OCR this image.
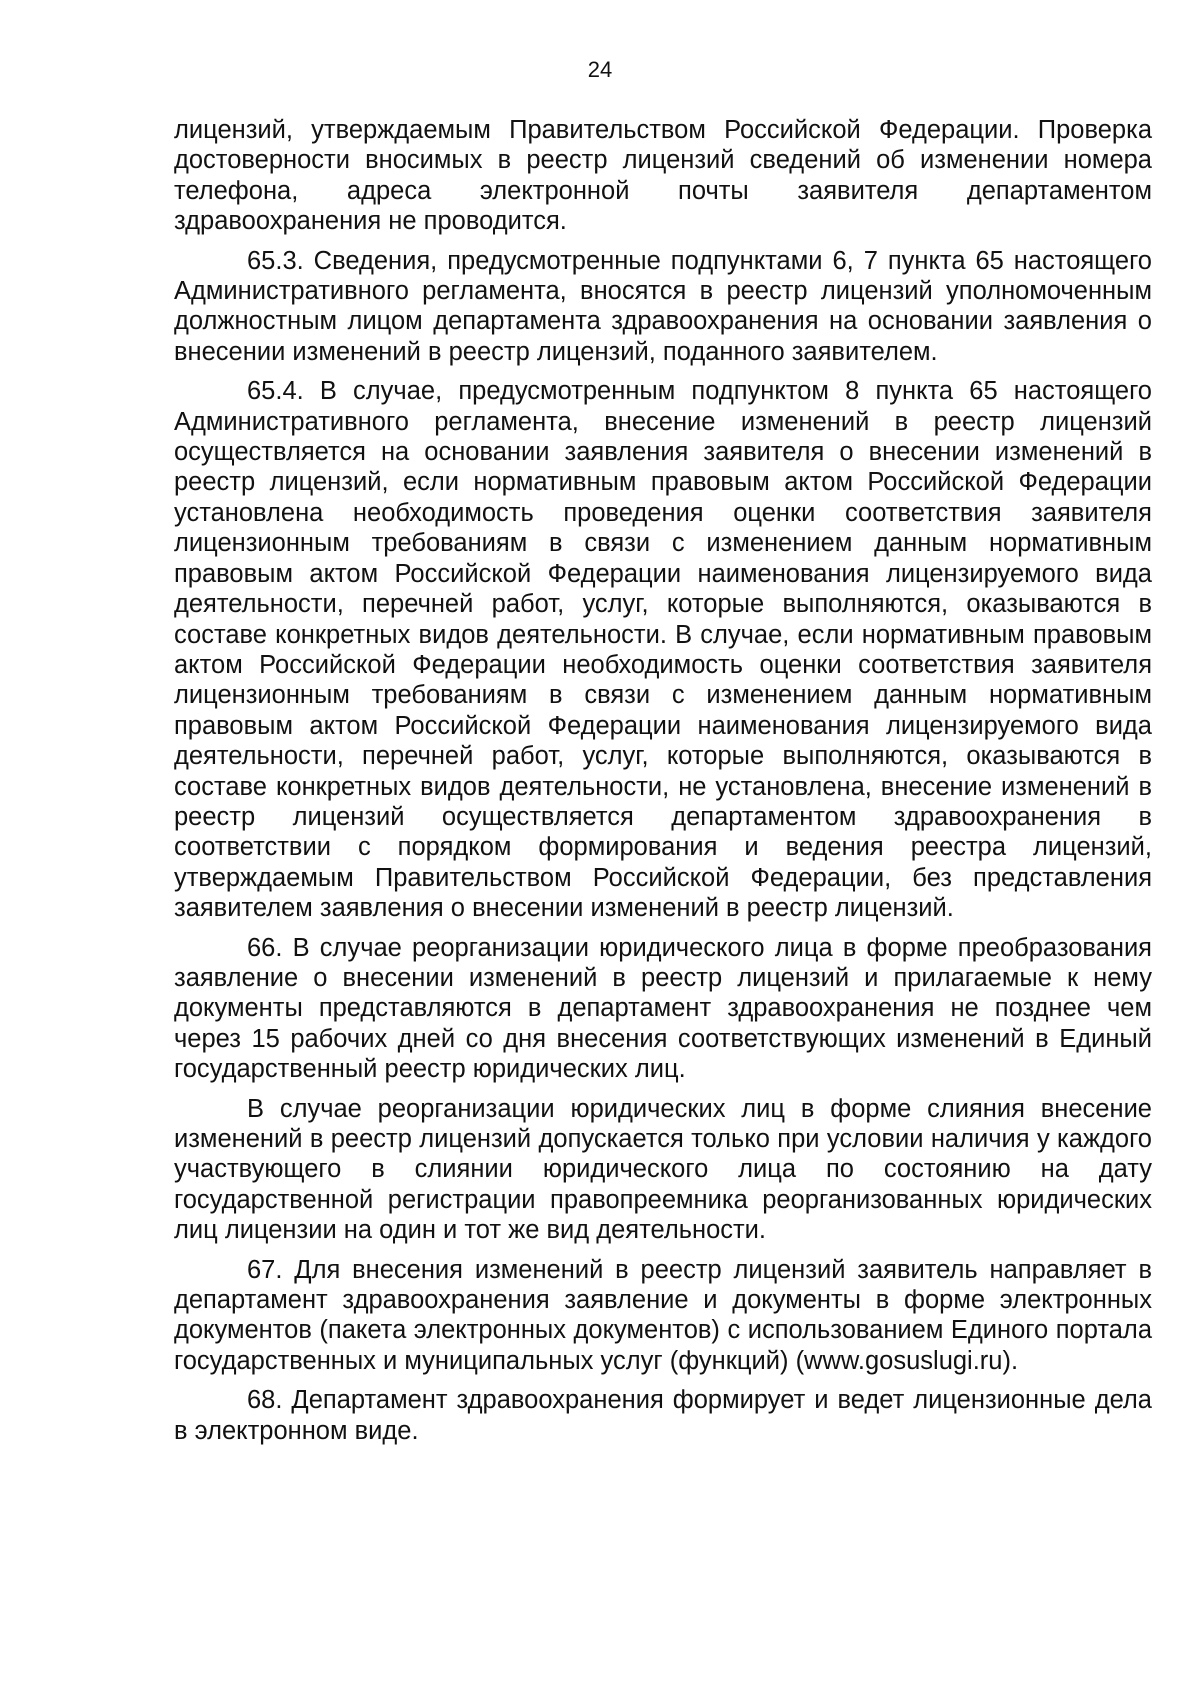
24

лицензий, утверждаемым Правительством Российской Федерации. Проверка достоверности вносимых в реестр лицензий сведений об изменении номера телефона, адреса электронной почты заявителя департаментом здравоохранения не проводится.

65.3. Сведения, предусмотренные подпунктами 6, 7 пункта 65 настоящего Административного регламента, вносятся в реестр лицензий уполномоченным должностным лицом департамента здравоохранения на основании заявления о внесении изменений в реестр лицензий, поданного заявителем.

65.4. В случае, предусмотренным подпунктом 8 пункта 65 настоящего Административного регламента, внесение изменений в реестр лицензий осуществляется на основании заявления заявителя о внесении изменений в реестр лицензий, если нормативным правовым актом Российской Федерации установлена необходимость проведения оценки соответствия заявителя лицензионным требованиям в связи с изменением данным нормативным правовым актом Российской Федерации наименования лицензируемого вида деятельности, перечней работ, услуг, которые выполняются, оказываются в составе конкретных видов деятельности. В случае, если нормативным правовым актом Российской Федерации необходимость оценки соответствия заявителя лицензионным требованиям в связи с изменением данным нормативным правовым актом Российской Федерации наименования лицензируемого вида деятельности, перечней работ, услуг, которые выполняются, оказываются в составе конкретных видов деятельности, не установлена, внесение изменений в реестр лицензий осуществляется департаментом здравоохранения в соответствии с порядком формирования и ведения реестра лицензий, утверждаемым Правительством Российской Федерации, без представления заявителем заявления о внесении изменений в реестр лицензий.

66. В случае реорганизации юридического лица в форме преобразования заявление о внесении изменений в реестр лицензий и прилагаемые к нему документы представляются в департамент здравоохранения не позднее чем через 15 рабочих дней со дня внесения соответствующих изменений в Единый государственный реестр юридических лиц.

В случае реорганизации юридических лиц в форме слияния внесение изменений в реестр лицензий допускается только при условии наличия у каждого участвующего в слиянии юридического лица по состоянию на дату государственной регистрации правопреемника реорганизованных юридических лиц лицензии на один и тот же вид деятельности.

67. Для внесения изменений в реестр лицензий заявитель направляет в департамент здравоохранения заявление и документы в форме электронных документов (пакета электронных документов) с использованием Единого портала государственных и муниципальных услуг (функций) (www.gosuslugi.ru).

68. Департамент здравоохранения формирует и ведет лицензионные дела в электронном виде.
